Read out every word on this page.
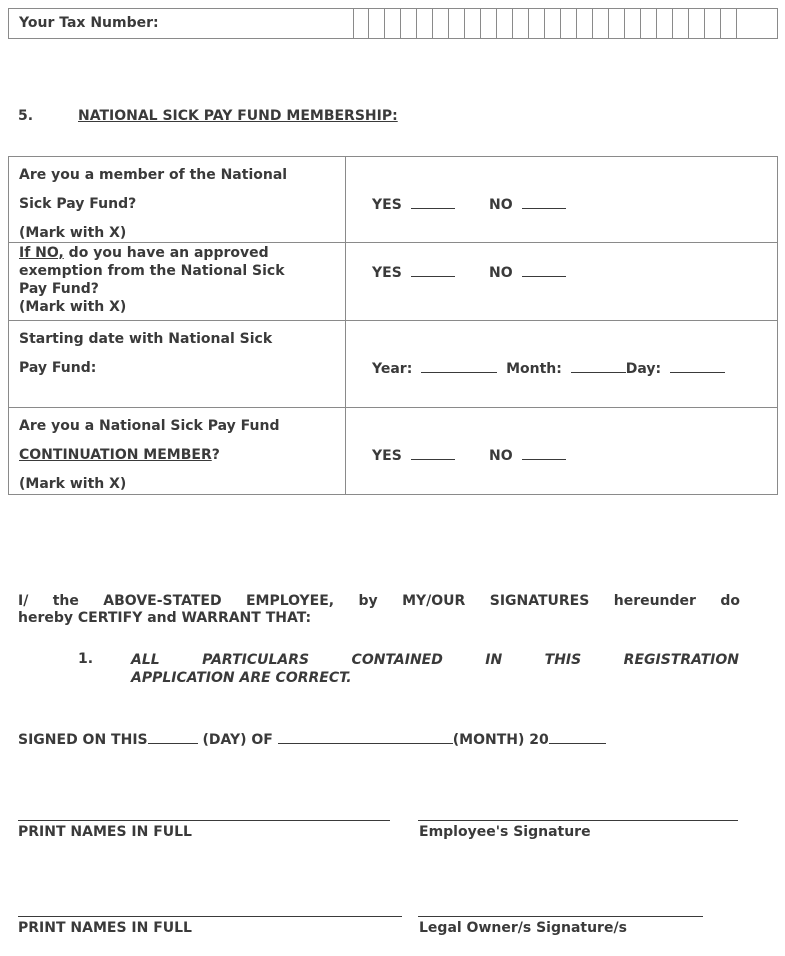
Your Tax Number:
5.	NATIONAL SICK PAY FUND MEMBERSHIP:
Are you a member of the National
Sick Pay Fund?
(Mark with X)
YES	NO
If NO, do you have an approved
exemption from the National Sick
Pay Fund?
(Mark with X)
YES	NO
Starting date with National Sick
Pay Fund:	Year:	Month:	Day:
Are you a National Sick Pay Fund
CONTINUATION MEMBER?
(Mark with X)
YES	NO
I/ the ABOVE-STATED EMPLOYEE, by MY/OUR SIGNATURES hereunder do
hereby CERTIFY and WARRANT THAT:
1.	ALL PARTICULARS CONTAINED IN THIS REGISTRATION
APPLICATION ARE CORRECT.
SIGNED ON THIS	(DAY) OF	(MONTH) 20
PRINT NAMES IN FULL	Employee's Signature
PRINT NAMES IN FULL	Legal Owner/s Signature/s
